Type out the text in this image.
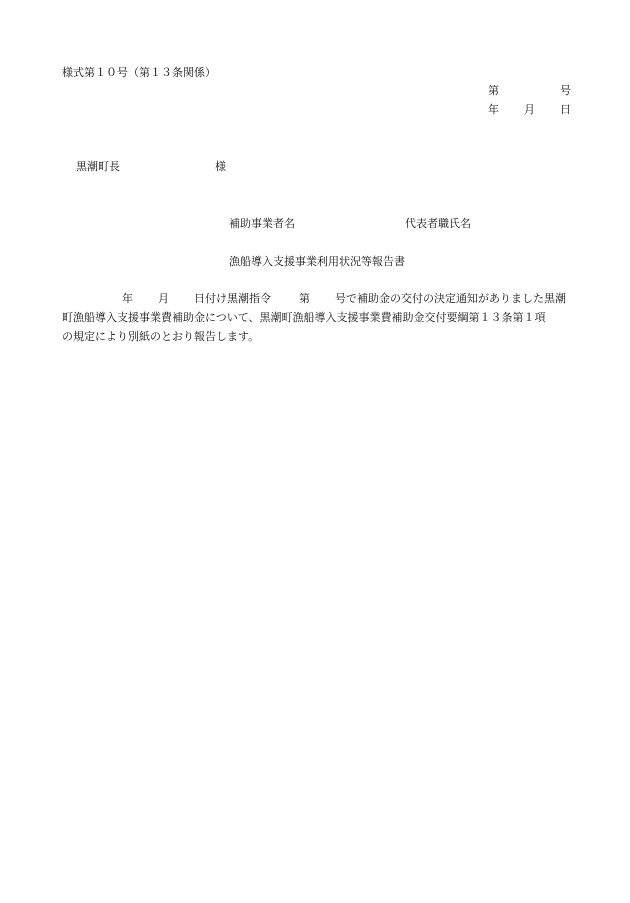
様式第１０号（第１３条関係）
第	号
年 月 日
黒潮町長	様
補助事業者名	代表者職氏名
漁船導入支援事業利用状況等報告書
年 月 日付け黒潮指令	第 号で補助金の交付の決定通知がありました黒潮
町漁船導入支援事業費補助金について、黒潮町漁船導入支援事業費補助金交付要綱第１３条第１項
の規定により別紙のとおり報告します。
